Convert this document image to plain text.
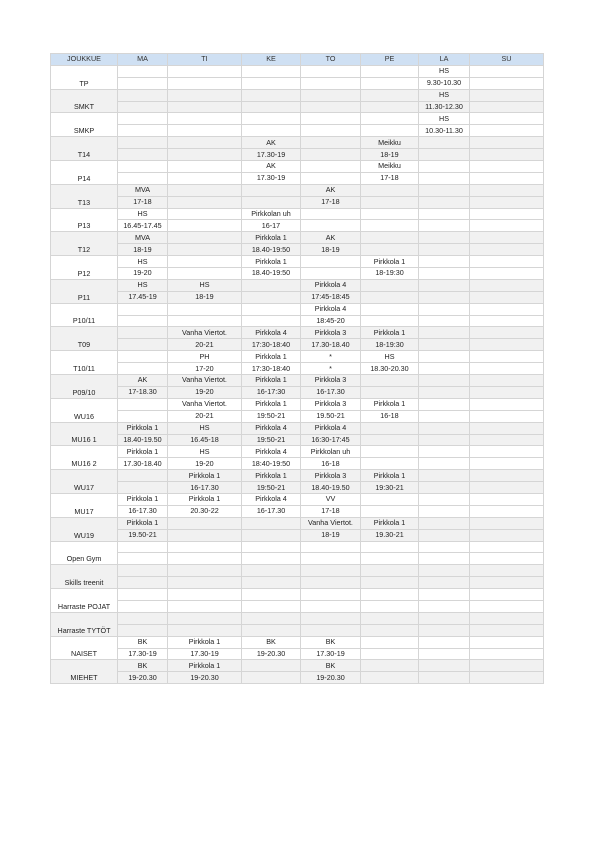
JOUKKUE	MA	TI	KE	TO	PE	LA	SU
TP						HS	
						9.30-10.30	
SMKT						HS	
						11.30-12.30	
SMKP						HS	
						10.30-11.30	
T14			AK		Meikku		
			17.30-19		18-19		
P14			AK		Meikku		
			17.30-19		17-18		
T13	MVA			AK			
	17-18			17-18			
P13	HS		Pirkkolan uh				
	16.45-17.45		16-17				
T12	MVA		Pirkkola 1	AK			
	18-19		18.40-19:50	18-19			
P12	HS		Pirkkola 1		Pirkkola 1		
	19-20		18.40-19:50		18-19:30		
P11	HS	HS		Pirkkola 4			
	17.45-19	18-19		17:45-18:45			
P10/11				Pirkkola 4			
				18:45-20			
T09		Vanha Viertot.	Pirkkola 4	Pirkkola 3	Pirkkola 1		
		20-21	17:30-18:40	17.30-18.40	18-19:30		
T10/11		PH	Pirkkola 1	*	HS		
		17-20	17:30-18:40	*	18.30-20.30		
P09/10	AK	Vanha Viertot.	Pirkkola 1	Pirkkola 3			
	17-18.30	19-20	16-17:30	16-17.30			
WU16		Vanha Viertot.	Pirkkola 1	Pirkkola 3	Pirkkola 1		
		20-21	19:50-21	19.50-21	16-18		
MU16 1	Pirkkola 1	HS	Pirkkola 4	Pirkkola 4			
	18.40-19.50	16.45-18	19:50-21	16:30-17:45			
MU16 2	Pirkkola 1	HS	Pirkkola 4	Pirkkolan uh			
	17.30-18.40	19-20	18:40-19:50	16-18			
WU17		Pirkkola 1	Pirkkola 1	Pirkkola 3	Pirkkola 1		
		16-17.30	19:50-21	18.40-19.50	19:30-21		
MU17	Pirkkola 1	Pirkkola 1	Pirkkola 4	VV			
	16-17.30	20.30-22	16-17.30	17-18			
WU19	Pirkkola 1			Vanha Viertot.	Pirkkola 1		
	19.50-21			18-19	19.30-21		
Open Gym							

Skills treenit							

Harraste POJAT							

Harraste TYTÖT							

NAISET	BK	Pirkkola 1	BK	BK			
	17.30-19	17.30-19	19-20.30	17.30-19			
MIEHET	BK	Pirkkola 1		BK			
	19-20.30	19-20.30		19-20.30			
